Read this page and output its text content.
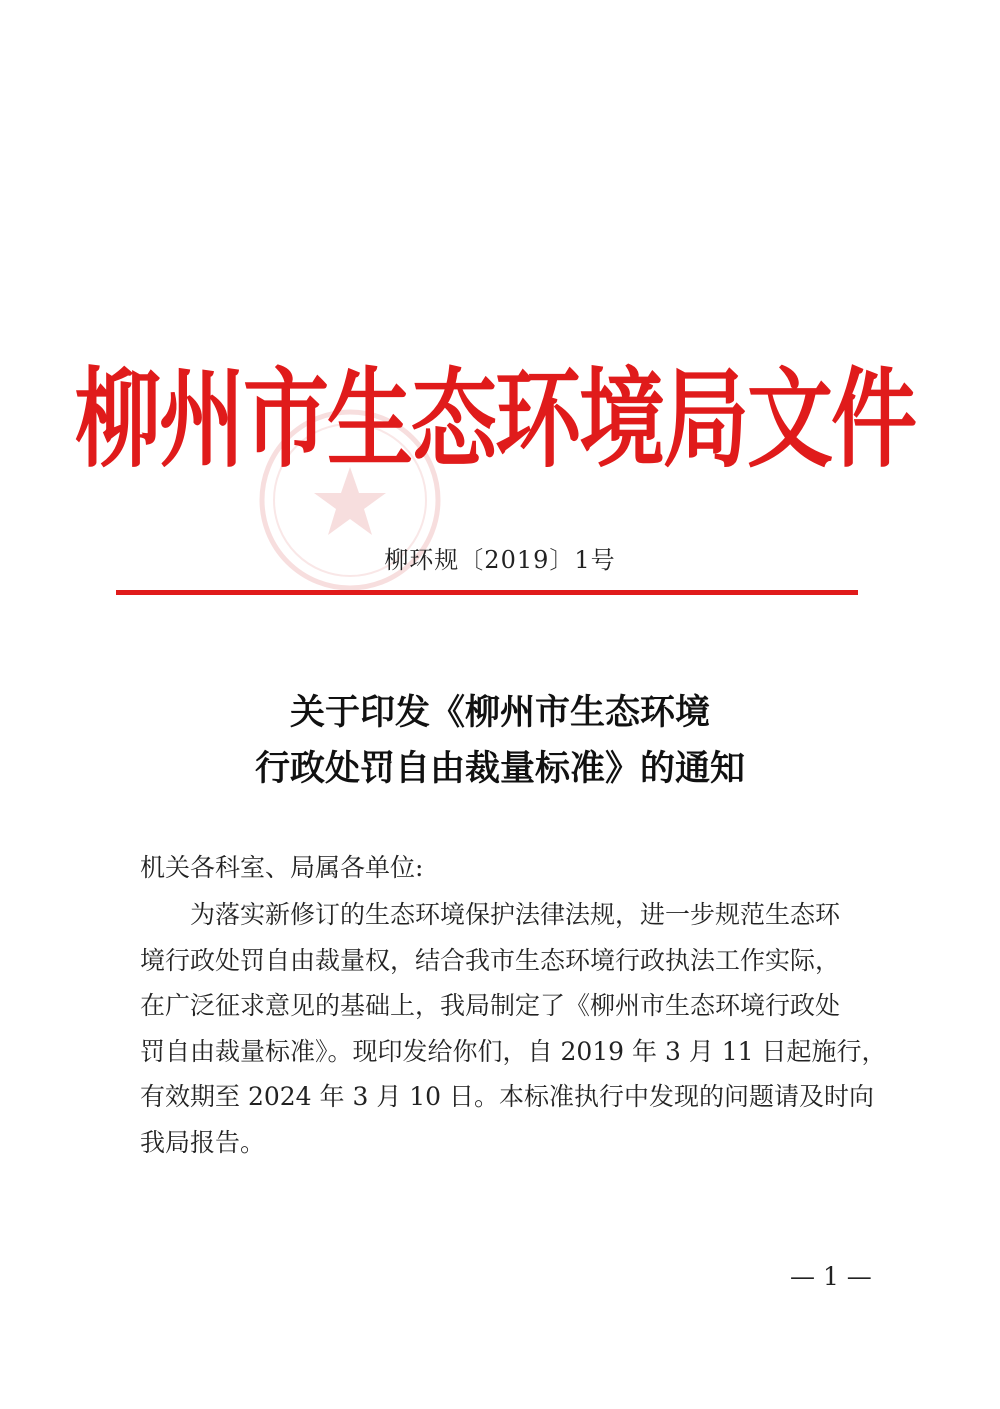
柳州市生态环境局文件
柳环规〔2019〕1号
关于印发《柳州市生态环境
行政处罚自由裁量标准》的通知
机关各科室、局属各单位:
为落实新修订的生态环境保护法律法规，进一步规范生态环
境行政处罚自由裁量权，结合我市生态环境行政执法工作实际，
在广泛征求意见的基础上，我局制定了《柳州市生态环境行政处
罚自由裁量标准》。现印发给你们，自 2019 年 3 月 11 日起施行，
有效期至 2024 年 3 月 10 日。本标准执行中发现的问题请及时向
我局报告。
— 1 —
